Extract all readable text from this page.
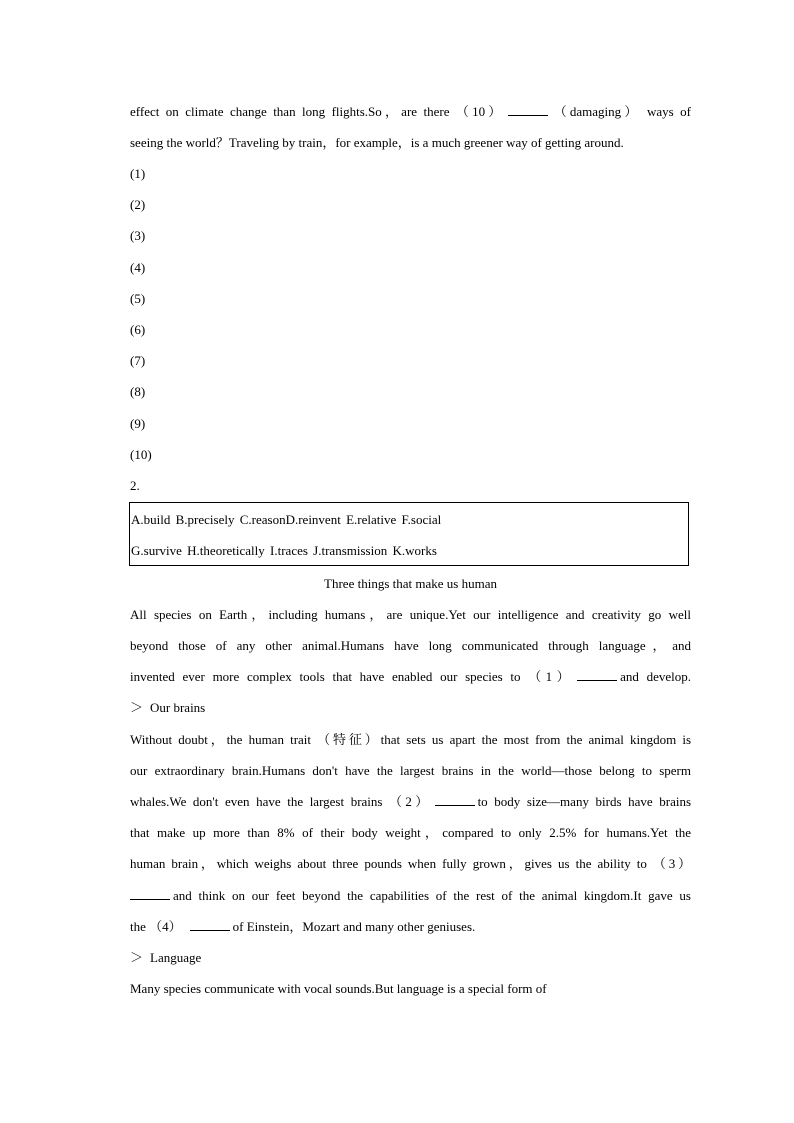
effect on climate change than long flights.So，are there （10）	（damaging） ways of
seeing the world？Traveling by train，for example，is a much greener way of getting around.
(1)
(2)
(3)
(4)
(5)
(6)
(7)
(8)
(9)
(10)
2.
A.build B.precisely C.reasonD.reinvent E.relative F.social
G.survive H.theoretically I.traces J.transmission K.works
Three things that make us human
All species on Earth，including humans，are unique.Yet our intelligence and creativity go well
beyond those of any other animal.Humans have long communicated through language，and
invented ever more complex tools that have enabled our species to （1）	and develop.
＞ Our brains
Without doubt，the human trait （特征）that sets us apart the most from the animal kingdom is
our extraordinary brain.Humans don't have the largest brains in the world—those belong to sperm
whales.We don't even have the largest brains （2）	to body size—many birds have brains
that make up more than 8% of their body weight，compared to only 2.5% for humans.Yet the
human brain，which weighs about three pounds when fully grown，gives us the ability to （3）
and think on our feet beyond the capabilities of the rest of the animal kingdom.It gave us
the （4）	of Einstein，Mozart and many other geniuses.
＞ Language
Many species communicate with vocal sounds.But language is a special form of
